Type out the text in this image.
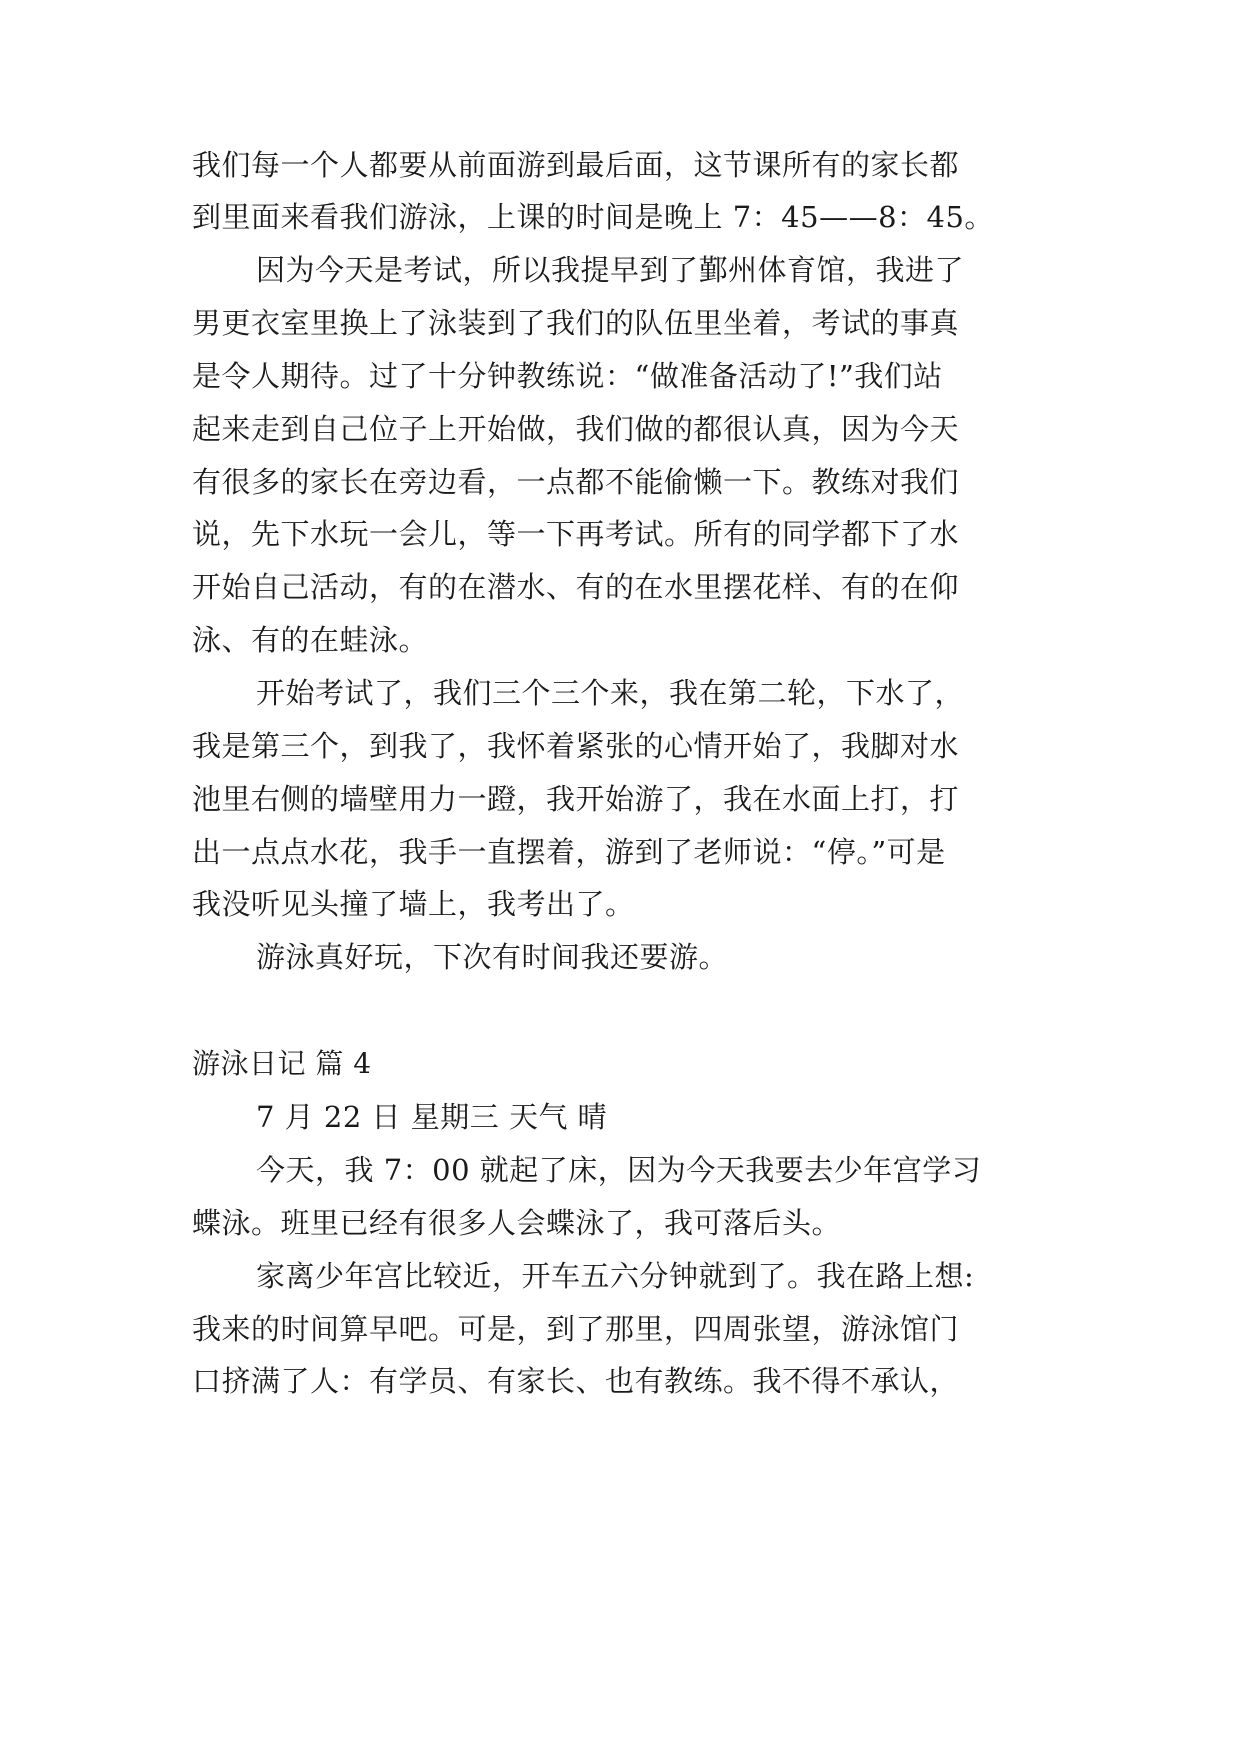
我们每一个人都要从前面游到最后面，这节课所有的家长都
到里面来看我们游泳，上课的时间是晚上 7：45——8：45。
因为今天是考试，所以我提早到了鄞州体育馆，我进了
男更衣室里换上了泳装到了我们的队伍里坐着，考试的事真
是令人期待。过了十分钟教练说：“做准备活动了!”我们站
起来走到自己位子上开始做，我们做的都很认真，因为今天
有很多的家长在旁边看，一点都不能偷懒一下。教练对我们
说，先下水玩一会儿，等一下再考试。所有的同学都下了水
开始自己活动，有的在潜水、有的在水里摆花样、有的在仰
泳、有的在蛙泳。
开始考试了，我们三个三个来，我在第二轮，下水了，
我是第三个，到我了，我怀着紧张的心情开始了，我脚对水
池里右侧的墙壁用力一蹬，我开始游了，我在水面上打，打
出一点点水花，我手一直摆着，游到了老师说：“停。”可是
我没听见头撞了墙上，我考出了。
游泳真好玩，下次有时间我还要游。
游泳日记 篇 4
7 月 22 日 星期三 天气 晴
今天，我 7：00 就起了床，因为今天我要去少年宫学习
蝶泳。班里已经有很多人会蝶泳了，我可落后头。
家离少年宫比较近，开车五六分钟就到了。我在路上想:
我来的时间算早吧。可是，到了那里，四周张望，游泳馆门
口挤满了人：有学员、有家长、也有教练。我不得不承认，
